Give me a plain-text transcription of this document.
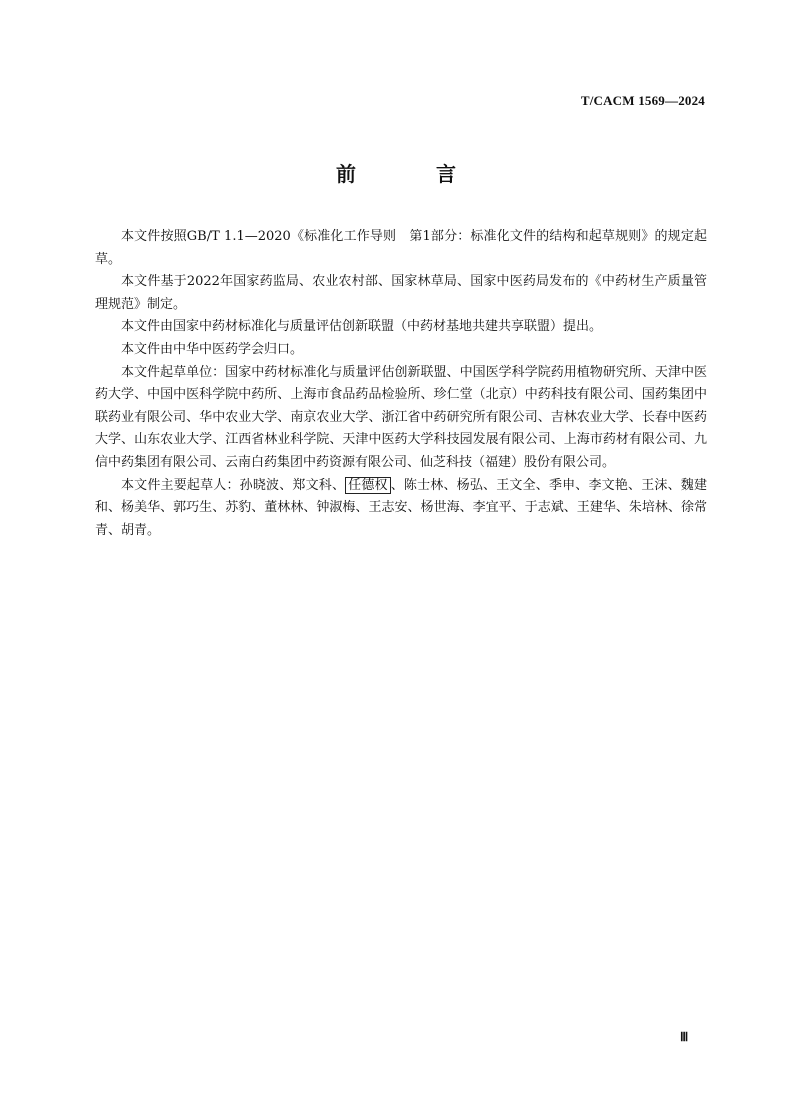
T/CACM 1569—2024
前　言

本文件按照GB/T 1.1—2020《标准化工作导则　第1部分：标准化文件的结构和起草规则》的规定起草。

本文件基于2022年国家药监局、农业农村部、国家林草局、国家中医药局发布的《中药材生产质量管理规范》制定。

本文件由国家中药材标准化与质量评估创新联盟（中药材基地共建共享联盟）提出。

本文件由中华中医药学会归口。

本文件起草单位：国家中药材标准化与质量评估创新联盟、中国医学科学院药用植物研究所、天津中医药大学、中国中医科学院中药所、上海市食品药品检验所、珍仁堂（北京）中药科技有限公司、国药集团中联药业有限公司、华中农业大学、南京农业大学、浙江省中药研究所有限公司、吉林农业大学、长春中医药大学、山东农业大学、江西省林业科学院、天津中医药大学科技园发展有限公司、上海市药材有限公司、九信中药集团有限公司、云南白药集团中药资源有限公司、仙芝科技（福建）股份有限公司。

本文件主要起草人：孙晓波、郑文科、 任德权 、陈士林、杨弘、王文全、季申、李文艳、王沫、魏建和、杨美华、郭巧生、苏豹、董林林、钟淑梅、王志安、杨世海、李宜平、于志斌、王建华、朱培林、徐常青、胡青。

Ⅲ
